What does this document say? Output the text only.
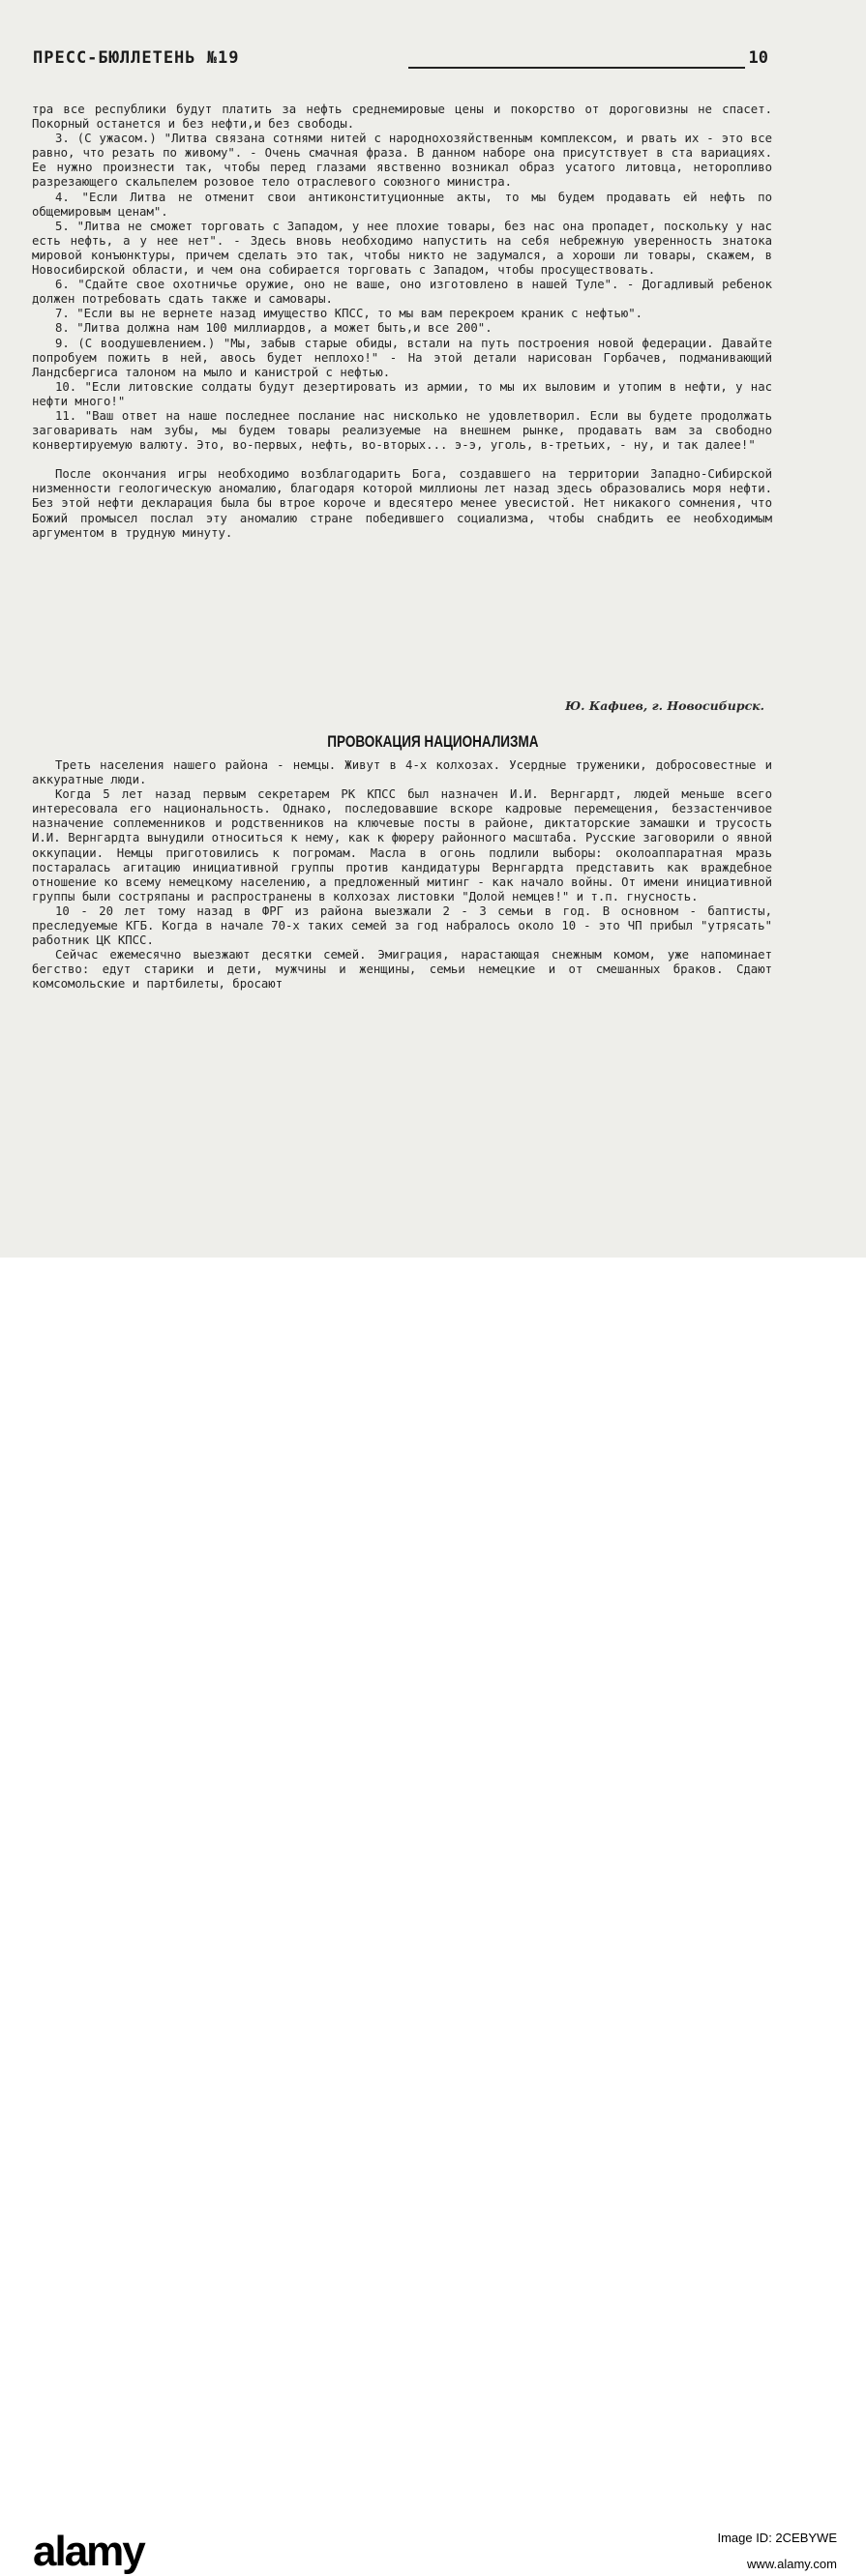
ПРЕСС-БЮЛЛЕТЕНЬ №19	10

тра все республики будут платить за нефть среднемировые цены и покорство от дороговизны не спасет. Покорный останется и без нефти,и без свободы.

3. (С ужасом.) "Литва связана сотнями нитей с народнохозяйственным комплексом, и рвать их - это все равно, что резать по живому". - Очень смачная фраза. В данном наборе она присутствует в ста вариациях. Ее нужно произнести так, чтобы перед глазами явственно возникал образ усатого литовца, неторопливо разрезающего скальпелем розовое тело отраслевого союзного министра.

4. "Если Литва не отменит свои антиконституционные акты, то мы будем продавать ей нефть по общемировым ценам".

5. "Литва не сможет торговать с Западом, у нее плохие товары, без нас она пропадет, поскольку у нас есть нефть, а у нее нет". - Здесь вновь необходимо напустить на себя небрежную уверенность знатока мировой конъюнктуры, причем сделать это так, чтобы никто не задумался, а хороши ли товары, скажем, в Новосибирской области, и чем она собирается торговать с Западом, чтобы просуществовать.

6. "Сдайте свое охотничье оружие, оно не ваше, оно изготовлено в нашей Туле". - Догадливый ребенок должен потребовать сдать также и самовары.

7. "Если вы не вернете назад имущество КПСС, то мы вам перекроем краник с нефтью".

8. "Литва должна нам 100 миллиардов, а может быть,и все 200".

9. (С воодушевлением.) "Мы, забыв старые обиды, встали на путь построения новой федерации. Давайте попробуем пожить в ней, авось будет неплохо!" - На этой детали нарисован Горбачев, подманивающий Ландсбергиса талоном на мыло и канистрой с нефтью.

10. "Если литовские солдаты будут дезертировать из армии, то мы их выловим и утопим в нефти, у нас нефти много!"

11. "Ваш ответ на наше последнее послание нас нисколько не удовлетворил. Если вы будете продолжать заговаривать нам зубы, мы будем товары реализуемые на внешнем рынке, продавать вам за свободно конвертируемую валюту. Это, во-первых, нефть, во-вторых... э-э, уголь, в-третьих, - ну, и так далее!"

После окончания игры необходимо возблагодарить Бога, создавшего на территории Западно-Сибирской низменности геологическую аномалию, благодаря которой миллионы лет назад здесь образовались моря нефти. Без этой нефти декларация была бы втрое короче и вдесятеро менее увесистой. Нет никакого сомнения, что Божий промысел послал эту аномалию стране победившего социализма, чтобы снабдить ее необходимым аргументом в трудную минуту.

Ю. Кафиев, г. Новосибирск.
ПРОВОКАЦИЯ НАЦИОНАЛИЗМА

Треть населения нашего района - немцы. Живут в 4-х колхозах. Усердные труженики, добросовестные и аккуратные люди.

Когда 5 лет назад первым секретарем РК КПСС был назначен И.И. Вернгардт, людей меньше всего интересовала его национальность. Однако, последовавшие вскоре кадровые перемещения, беззастенчивое назначение соплеменников и родственников на ключевые посты в районе, диктаторские замашки и трусость И.И. Вернгардта вынудили относиться к нему, как к фюреру районного масштаба. Русские заговорили о явной оккупации. Немцы приготовились к погромам. Масла в огонь подлили выборы: околоаппаратная мразь постаралась агитацию инициативной группы против кандидатуры Вернгардта представить как враждебное отношение ко всему немецкому населению, а предложенный митинг - как начало войны. От имени инициативной группы были состряпаны и распространены в колхозах листовки "Долой немцев!" и т.п. гнусность.

10 - 20 лет тому назад в ФРГ из района выезжали 2 - 3 семьи в год. В основном - баптисты, преследуемые КГБ. Когда в начале 70-х таких семей за год набралось около 10 - это ЧП прибыл "утрясать" работник ЦК КПСС.

Сейчас ежемесячно выезжают десятки семей. Эмиграция, нарастающая снежным комом, уже напоминает бегство: едут старики и дети, мужчины и женщины, семьи немецкие и от смешанных браков. Сдают комсомольские и партбилеты, бросают

alamy	Image ID: 2CEBYWE
www.alamy.com
